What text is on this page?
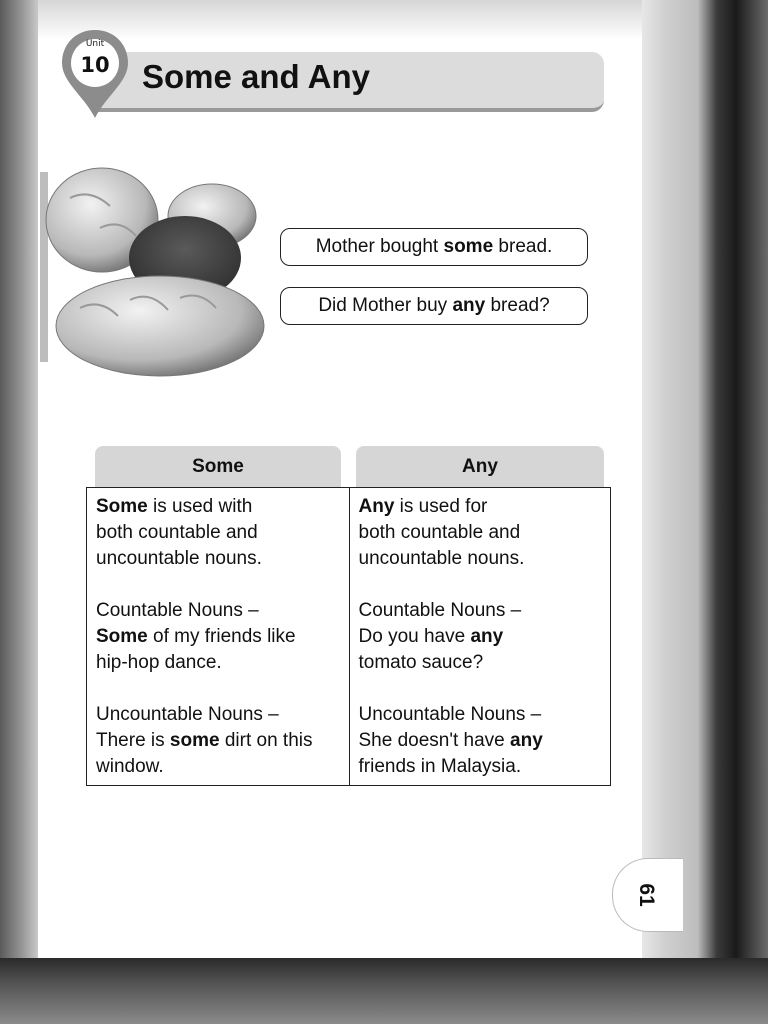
Unit
10 Some and Any
Mother bought some bread.
Did Mother buy any bread?
Some	Any
Some is used with
both countable and
uncountable nouns.
Countable Nouns –
Some of my friends like
hip-hop dance.
Uncountable Nouns –
There is some dirt on this
window.
Any is used for
both countable and
uncountable nouns.
Countable Nouns –
Do you have any
tomato sauce?
Uncountable Nouns –
She doesn't have any
friends in Malaysia.
61
